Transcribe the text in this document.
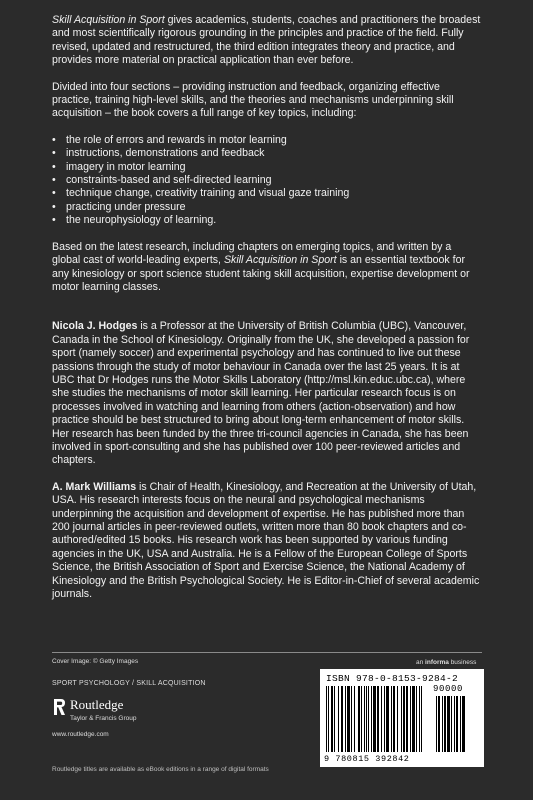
Skill Acquisition in Sport gives academics, students, coaches and practitioners the broadest and most scientifically rigorous grounding in the principles and practice of the field. Fully revised, updated and restructured, the third edition integrates theory and practice, and provides more material on practical application than ever before.

Divided into four sections – providing instruction and feedback, organizing effective practice, training high-level skills, and the theories and mechanisms underpinning skill acquisition – the book covers a full range of key topics, including:

• the role of errors and rewards in motor learning
• instructions, demonstrations and feedback
• imagery in motor learning
• constraints-based and self-directed learning
• technique change, creativity training and visual gaze training
• practicing under pressure
• the neurophysiology of learning.

Based on the latest research, including chapters on emerging topics, and written by a global cast of world-leading experts, Skill Acquisition in Sport is an essential textbook for any kinesiology or sport science student taking skill acquisition, expertise development or motor learning classes.

Nicola J. Hodges is a Professor at the University of British Columbia (UBC), Vancouver, Canada in the School of Kinesiology. Originally from the UK, she developed a passion for sport (namely soccer) and experimental psychology and has continued to live out these passions through the study of motor behaviour in Canada over the last 25 years. It is at UBC that Dr Hodges runs the Motor Skills Laboratory (http://msl.kin.educ.ubc.ca), where she studies the mechanisms of motor skill learning. Her particular research focus is on processes involved in watching and learning from others (action-observation) and how practice should be best structured to bring about long-term enhancement of motor skills. Her research has been funded by the three tri-council agencies in Canada, she has been involved in sport-consulting and she has published over 100 peer-reviewed articles and chapters.

A. Mark Williams is Chair of Health, Kinesiology, and Recreation at the University of Utah, USA. His research interests focus on the neural and psychological mechanisms underpinning the acquisition and development of expertise. He has published more than 200 journal articles in peer-reviewed outlets, written more than 80 book chapters and co-authored/edited 15 books. His research work has been supported by various funding agencies in the UK, USA and Australia. He is a Fellow of the European College of Sports Science, the British Association of Sport and Exercise Science, the National Academy of Kinesiology and the British Psychological Society. He is Editor-in-Chief of several academic journals.

Cover Image: © Getty Images	an informa business
SPORT PSYCHOLOGY / SKILL ACQUISITION
Routledge
Taylor & Francis Group
www.routledge.com
Routledge titles are available as eBook editions in a range of digital formats
ISBN 978-0-8153-9284-2
9 780815 392842
90000
